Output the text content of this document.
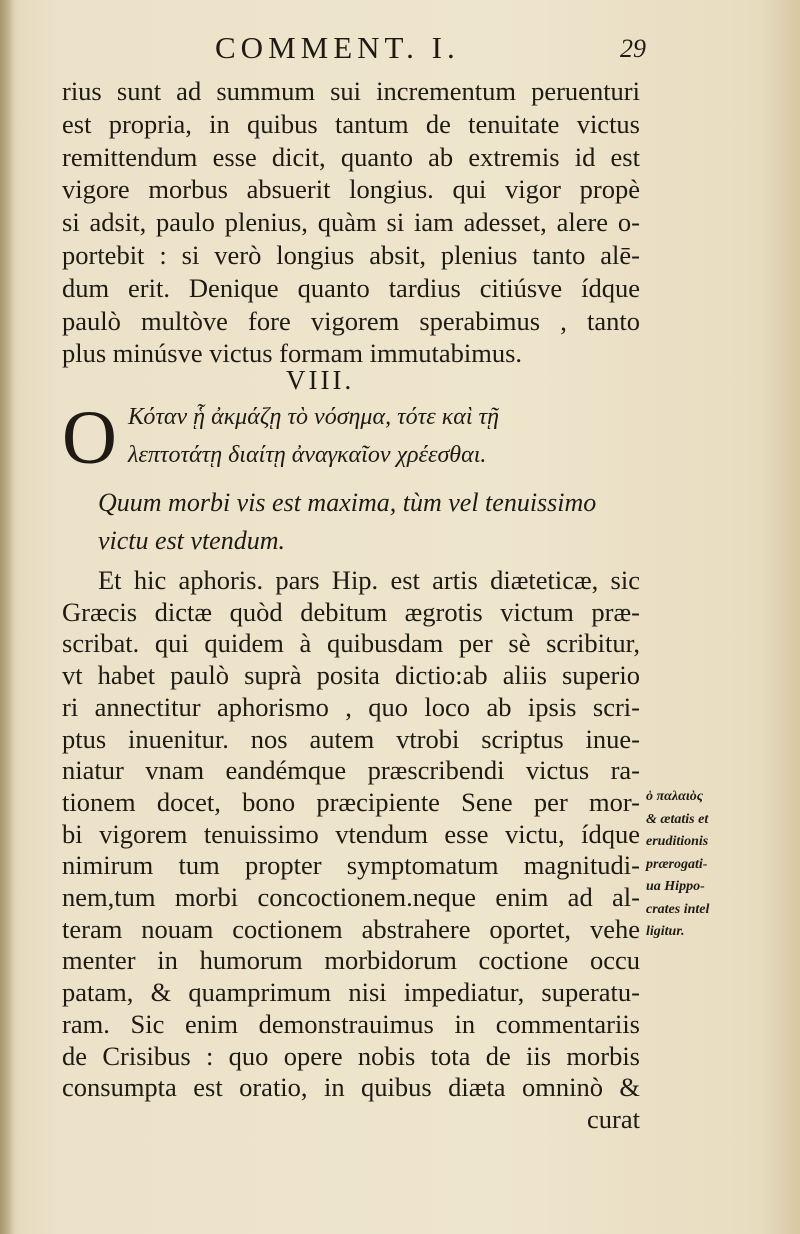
COMMENT. I.	29
rius sunt ad summum sui incrementum peruenturi
est propria, in quibus tantum de tenuitate victus
remittendum esse dicit, quanto ab extremis id est
vigore morbus absuerit longius. qui vigor propè
si adsit, paulo plenius, quàm si iam adesset, alere o-
portebit : si verò longius absit, plenius tanto alē-
dum erit. Denique quanto tardius citiúsve ídque
paulò multòve fore vigorem sperabimus , tanto
plus minúsve victus formam immutabimus.
VIII.
O Κόταν ᾗ ἀκμάζῃ τὸ νόσημα, τότε καὶ τῇ
λεπτοτάτῃ διαίτῃ ἀναγκαῖον χρέεσθαι.
Quum morbi vis est maxima, tùm vel tenuissimo victu est vtendum.
Et hic aphoris. pars Hip. est artis diæteticæ, sic
Græcis dictæ quòd debitum ægrotis victum præ-
scribat. qui quidem à quibusdam per sè scribitur,
vt habet paulò suprà posita dictio:ab aliis superio
ri annectitur aphorismo , quo loco ab ipsis scri-
ptus inuenitur. nos autem vtrobi scriptus inue-
niatur vnam eandémque præscribendi victus ra-
tionem docet, bono præcipiente Sene per mor-
bi vigorem tenuissimo vtendum esse victu, ídque
nimirum tum propter symptomatum magnitudi-
nem,tum morbi concoctionem.neque enim ad al-
teram nouam coctionem abstrahere oportet, vehe
menter in humorum morbidorum coctione occu
patam, & quamprimum nisi impediatur, superatu-
ram. Sic enim demonstrauimus in commentariis
de Crisibus : quo opere nobis tota de iis morbis
consumpta est oratio, in quibus diæta omninò &
curat
ὁ παλαιὸς
& ætatis et
eruditionis
prærogati-
ua Hippo-
crates intel
ligitur.
